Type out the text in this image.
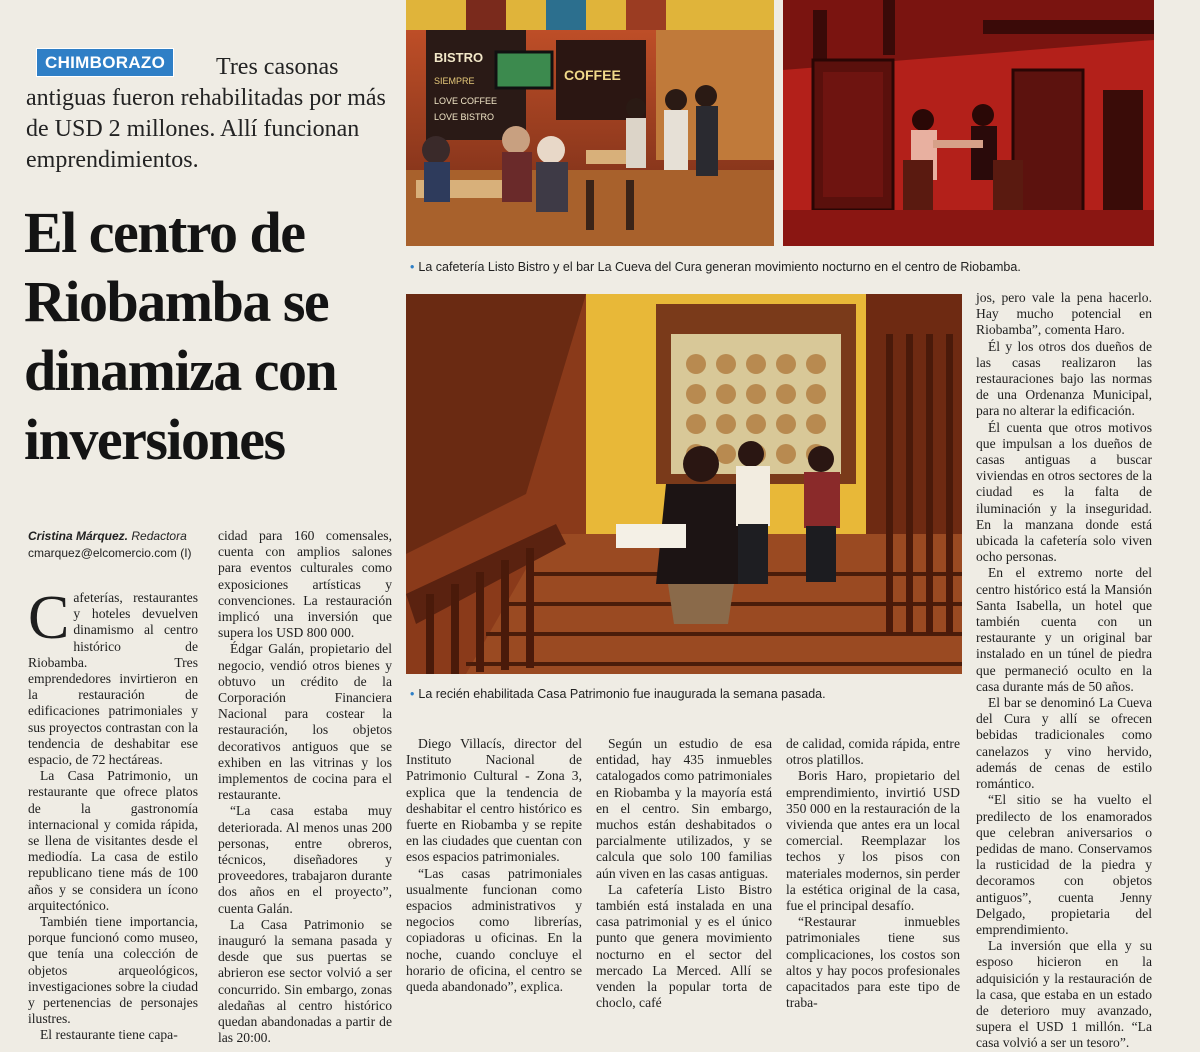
Tres casonas antiguas fueron rehabilitadas por más de USD 2 millones. Allí funcionan emprendimientos.
CHIMBORAZO
El centro de Riobamba se dinamiza con inversiones
Cristina Márquez. Redactora
cmarquez@elcomercio.com (I)
BISTRO
SIEMPRE
LOVE COFFEE
LOVE BISTRO
COFFEE
• La cafetería Listo Bistro y el bar La Cueva del Cura generan movimiento nocturno en el centro de Riobamba.
• La recién ehabilitada Casa Patrimonio fue inaugurada la semana pasada.

Cafeterías, restaurantes y hoteles devuelven dinamismo al centro histórico de Riobamba. Tres emprendedores invirtieron en la restauración de edificaciones patrimoniales y sus proyectos contrastan con la tendencia de deshabitar ese espacio, de 72 hectáreas.

La Casa Patrimonio, un restaurante que ofrece platos de la gastronomía internacional y comida rápida, se llena de visitantes desde el mediodía. La casa de estilo republicano tiene más de 100 años y se considera un ícono arquitectónico.

También tiene importancia, porque funcionó como museo, que tenía una colección de objetos arqueológicos, investigaciones sobre la ciudad y pertenencias de personajes ilustres.

El restaurante tiene capa-

cidad para 160 comensales, cuenta con amplios salones para eventos culturales como exposiciones artísticas y convenciones. La restauración implicó una inversión que supera los USD 800 000.

Édgar Galán, propietario del negocio, vendió otros bienes y obtuvo un crédito de la Corporación Financiera Nacional para costear la restauración, los objetos decorativos antiguos que se exhiben en las vitrinas y los implementos de cocina para el restaurante.

“La casa estaba muy deteriorada. Al menos unas 200 personas, entre obreros, técnicos, diseñadores y proveedores, trabajaron durante dos años en el proyecto”, cuenta Galán.

La Casa Patrimonio se inauguró la semana pasada y desde que sus puertas se abrieron ese sector volvió a ser concurrido. Sin embargo, zonas aledañas al centro histórico quedan abandonadas a partir de las 20:00.

Diego Villacís, director del Instituto Nacional de Patrimonio Cultural - Zona 3, explica que la tendencia de deshabitar el centro histórico es fuerte en Riobamba y se repite en las ciudades que cuentan con esos espacios patrimoniales.

“Las casas patrimoniales usualmente funcionan como espacios administrativos y negocios como librerías, copiadoras u oficinas. En la noche, cuando concluye el horario de oficina, el centro se queda abandonado”, explica.

Según un estudio de esa entidad, hay 435 inmuebles catalogados como patrimoniales en Riobamba y la mayoría está en el centro. Sin embargo, muchos están deshabitados o parcialmente utilizados, y se calcula que solo 100 familias aún viven en las casas antiguas.

La cafetería Listo Bistro también está instalada en una casa patrimonial y es el único punto que genera movimiento nocturno en el sector del mercado La Merced. Allí se venden la popular torta de choclo, café

de calidad, comida rápida, entre otros platillos.

Boris Haro, propietario del emprendimiento, invirtió USD 350 000 en la restauración de la vivienda que antes era un local comercial. Reemplazar los techos y los pisos con materiales modernos, sin perder la estética original de la casa, fue el principal desafío.

“Restaurar inmuebles patrimoniales tiene sus complicaciones, los costos son altos y hay pocos profesionales capacitados para este tipo de traba-

jos, pero vale la pena hacerlo. Hay mucho potencial en Riobamba”, comenta Haro.

Él y los otros dos dueños de las casas realizaron las restauraciones bajo las normas de una Ordenanza Municipal, para no alterar la edificación.

Él cuenta que otros motivos que impulsan a los dueños de casas antiguas a buscar viviendas en otros sectores de la ciudad es la falta de iluminación y la inseguridad. En la manzana donde está ubicada la cafetería solo viven ocho personas.

En el extremo norte del centro histórico está la Mansión Santa Isabella, un hotel que también cuenta con un restaurante y un original bar instalado en un túnel de piedra que permaneció oculto en la casa durante más de 50 años.

El bar se denominó La Cueva del Cura y allí se ofrecen bebidas tradicionales como canelazos y vino hervido, además de cenas de estilo romántico.

“El sitio se ha vuelto el predilecto de los enamorados que celebran aniversarios o pedidas de mano. Conservamos la rusticidad de la piedra y decoramos con objetos antiguos”, cuenta Jenny Delgado, propietaria del emprendimiento.

La inversión que ella y su esposo hicieron en la adquisición y la restauración de la casa, que estaba en un estado de deterioro muy avanzado, supera el USD 1 millón. “La casa volvió a ser un tesoro”.
